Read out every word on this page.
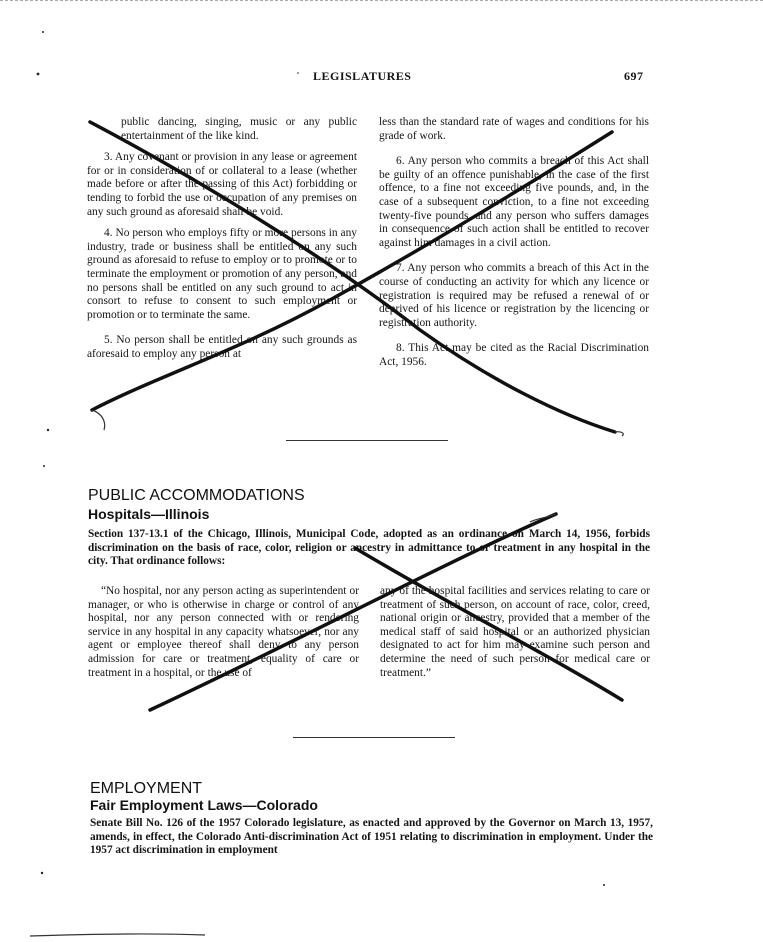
LEGISLATURES	697

public dancing, singing, music or any public entertainment of the like kind.

3. Any covenant or provision in any lease or agreement for or in consideration of or collateral to a lease (whether made before or after the passing of this Act) forbidding or tending to forbid the use or occupation of any premises on any such ground as aforesaid shall be void.

4. No person who employs fifty or more persons in any industry, trade or business shall be entitled on any such ground as aforesaid to refuse to employ or to promote or to terminate the employment or promotion of any person, and no persons shall be entitled on any such ground to act in consort to refuse to consent to such employment or promotion or to terminate the same.

5. No person shall be entitled on any such grounds as aforesaid to employ any person at

less than the standard rate of wages and conditions for his grade of work.

6. Any person who commits a breach of this Act shall be guilty of an offence punishable, in the case of the first offence, to a fine not exceeding five pounds, and, in the case of a subsequent conviction, to a fine not exceeding twenty-five pounds, and any person who suffers damages in consequence of such action shall be entitled to recover against him damages in a civil action.

7. Any person who commits a breach of this Act in the course of conducting an activity for which any licence or registration is required may be refused a renewal of or deprived of his licence or registration by the licencing or registration authority.

8. This Act may be cited as the Racial Discrimination Act, 1956.

PUBLIC ACCOMMODATIONS
Hospitals—Illinois
Section 137-13.1 of the Chicago, Illinois, Municipal Code, adopted as an ordinance on March 14, 1956, forbids discrimination on the basis of race, color, religion or ancestry in admittance to or treatment in any hospital in the city. That ordinance follows:
“No hospital, nor any person acting as superintendent or manager, or who is otherwise in charge or control of any hospital, nor any person connected with or rendering service in any hospital in any capacity whatsoever, nor any agent or employee thereof shall deny to any person admission for care or treatment, equality of care or treatment in a hospital, or the use of
any of the hospital facilities and services relating to care or treatment of such person, on account of race, color, creed, national origin or ancestry, provided that a member of the medical staff of said hospital or an authorized physician designated to act for him may examine such person and determine the need of such person for medical care or treatment.”
EMPLOYMENT
Fair Employment Laws—Colorado
Senate Bill No. 126 of the 1957 Colorado legislature, as enacted and approved by the Governor on March 13, 1957, amends, in effect, the Colorado Anti-discrimination Act of 1951 relating to discrimination in employment. Under the 1957 act discrimination in employment
